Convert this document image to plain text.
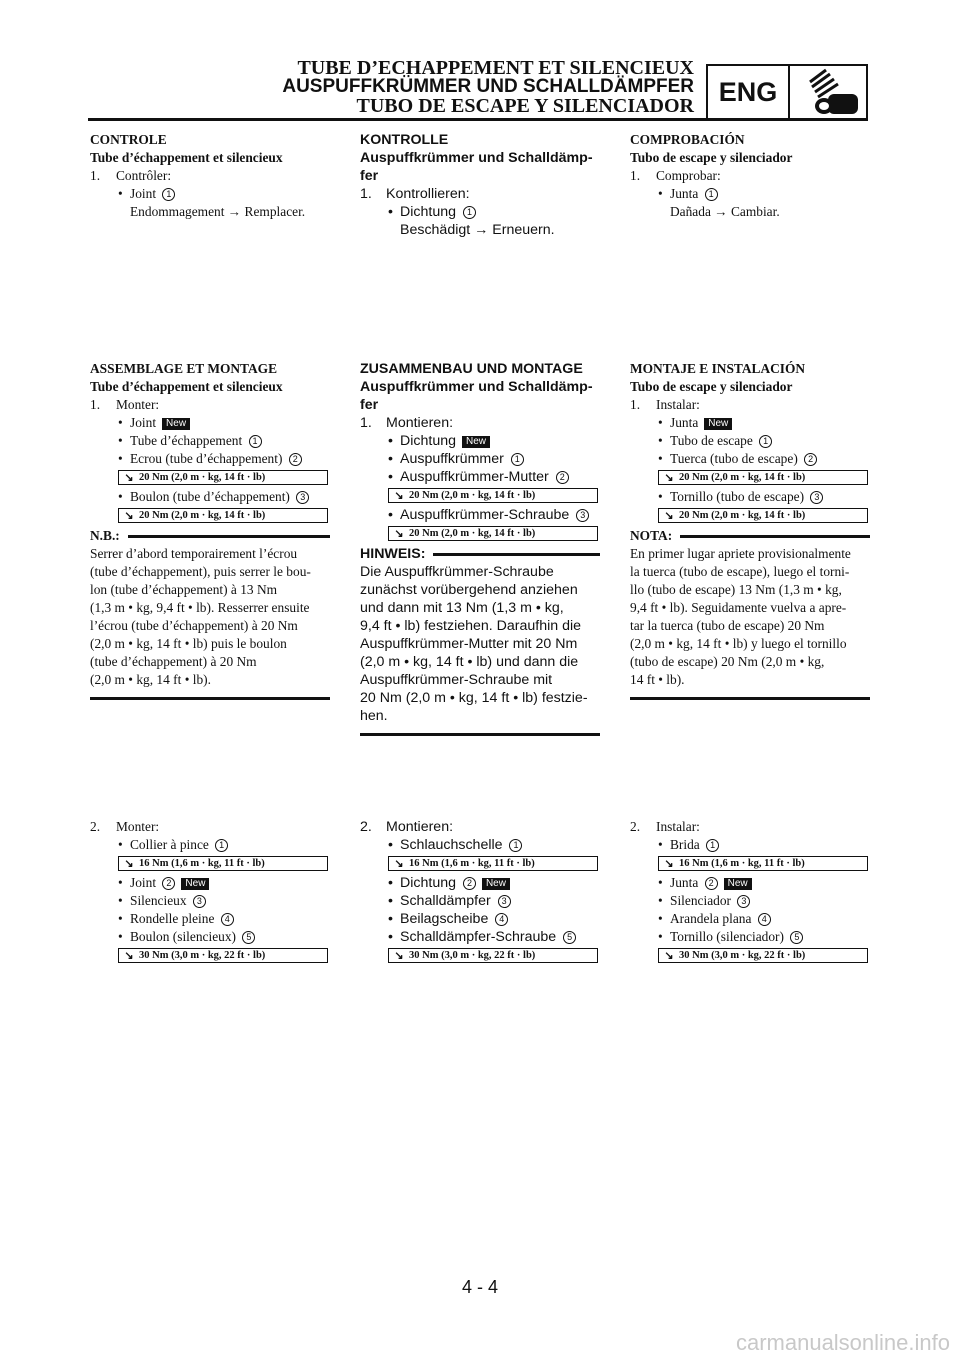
TUBE D’ECHAPPEMENT ET SILENCIEUX
AUSPUFFKRÜMMER UND SCHALLDÄMPFER
TUBO DE ESCAPE Y SILENCIADOR ENG
CONTROLE
Tube d’échappement et silencieux
1. Contrôler:
• Joint 1
Endommagement → Remplacer.
KONTROLLE
Auspuffkrümmer und Schalldämp-
fer
1. Kontrollieren:
• Dichtung 1
Beschädigt → Erneuern.
COMPROBACIÓN
Tubo de escape y silenciador
1. Comprobar:
• Junta 1
Dañada → Cambiar.
ASSEMBLAGE ET MONTAGE
Tube d’échappement et silencieux
1. Monter:
• Joint New
• Tube d’échappement 1
• Ecrou (tube d’échappement) 2
↘ 20 Nm (2,0 m · kg, 14 ft · lb)
• Boulon (tube d’échappement) 3
↘ 20 Nm (2,0 m · kg, 14 ft · lb)
N.B.:
Serrer d’abord temporairement l’écrou
(tube d’échappement), puis serrer le bou-
lon (tube d’échappement) à 13 Nm
(1,3 m • kg, 9,4 ft • lb). Resserrer ensuite
l’écrou (tube d’échappement) à 20 Nm
(2,0 m • kg, 14 ft • lb) puis le boulon
(tube d’échappement) à 20 Nm
(2,0 m • kg, 14 ft • lb).
ZUSAMMENBAU UND MONTAGE
Auspuffkrümmer und Schalldämp-
fer
1. Montieren:
• Dichtung New
• Auspuffkrümmer 1
• Auspuffkrümmer-Mutter 2
↘ 20 Nm (2,0 m · kg, 14 ft · lb)
• Auspuffkrümmer-Schraube 3
↘ 20 Nm (2,0 m · kg, 14 ft · lb)
HINWEIS:
Die Auspuffkrümmer-Schraube
zunächst vorübergehend anziehen
und dann mit 13 Nm (1,3 m • kg,
9,4 ft • lb) festziehen. Daraufhin die
Auspuffkrümmer-Mutter mit 20 Nm
(2,0 m • kg, 14 ft • lb) und dann die
Auspuffkrümmer-Schraube mit
20 Nm (2,0 m • kg, 14 ft • lb) festzie-
hen.
MONTAJE E INSTALACIÓN
Tubo de escape y silenciador
1. Instalar:
• Junta New
• Tubo de escape 1
• Tuerca (tubo de escape) 2
↘ 20 Nm (2,0 m · kg, 14 ft · lb)
• Tornillo (tubo de escape) 3
↘ 20 Nm (2,0 m · kg, 14 ft · lb)
NOTA:
En primer lugar apriete provisionalmente
la tuerca (tubo de escape), luego el torni-
llo (tubo de escape) 13 Nm (1,3 m • kg,
9,4 ft • lb). Seguidamente vuelva a apre-
tar la tuerca (tubo de escape) 20 Nm
(2,0 m • kg, 14 ft • lb) y luego el tornillo
(tubo de escape) 20 Nm (2,0 m • kg,
14 ft • lb).
2. Monter:
• Collier à pince 1
↘ 16 Nm (1,6 m · kg, 11 ft · lb)
• Joint 2 New
• Silencieux 3
• Rondelle pleine 4
• Boulon (silencieux) 5
↘ 30 Nm (3,0 m · kg, 22 ft · lb)
2. Montieren:
• Schlauchschelle 1
↘ 16 Nm (1,6 m · kg, 11 ft · lb)
• Dichtung 2 New
• Schalldämpfer 3
• Beilagscheibe 4
• Schalldämpfer-Schraube 5
↘ 30 Nm (3,0 m · kg, 22 ft · lb)
2. Instalar:
• Brida 1
↘ 16 Nm (1,6 m · kg, 11 ft · lb)
• Junta 2 New
• Silenciador 3
• Arandela plana 4
• Tornillo (silenciador) 5
↘ 30 Nm (3,0 m · kg, 22 ft · lb)
4 - 4
carmanualsonline.info
